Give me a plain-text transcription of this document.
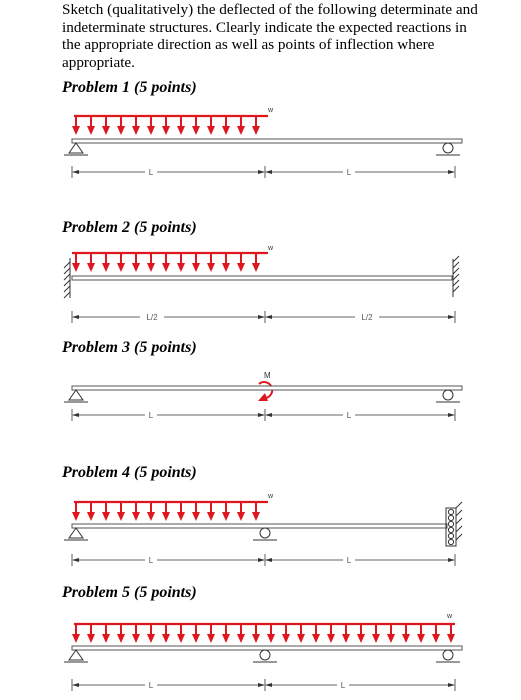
Sketch (qualitatively) the deflected of the following determinate and indeterminate structures. Clearly indicate the expected reactions in the appropriate direction as well as points of inflection where appropriate.

Problem 1 (5 points)
w
L	L
Problem 2 (5 points)
w
L/2	L/2
Problem 3 (5 points)
M
L	L
Problem 4 (5 points)
w
L	L
Problem 5 (5 points)
w
L	L
